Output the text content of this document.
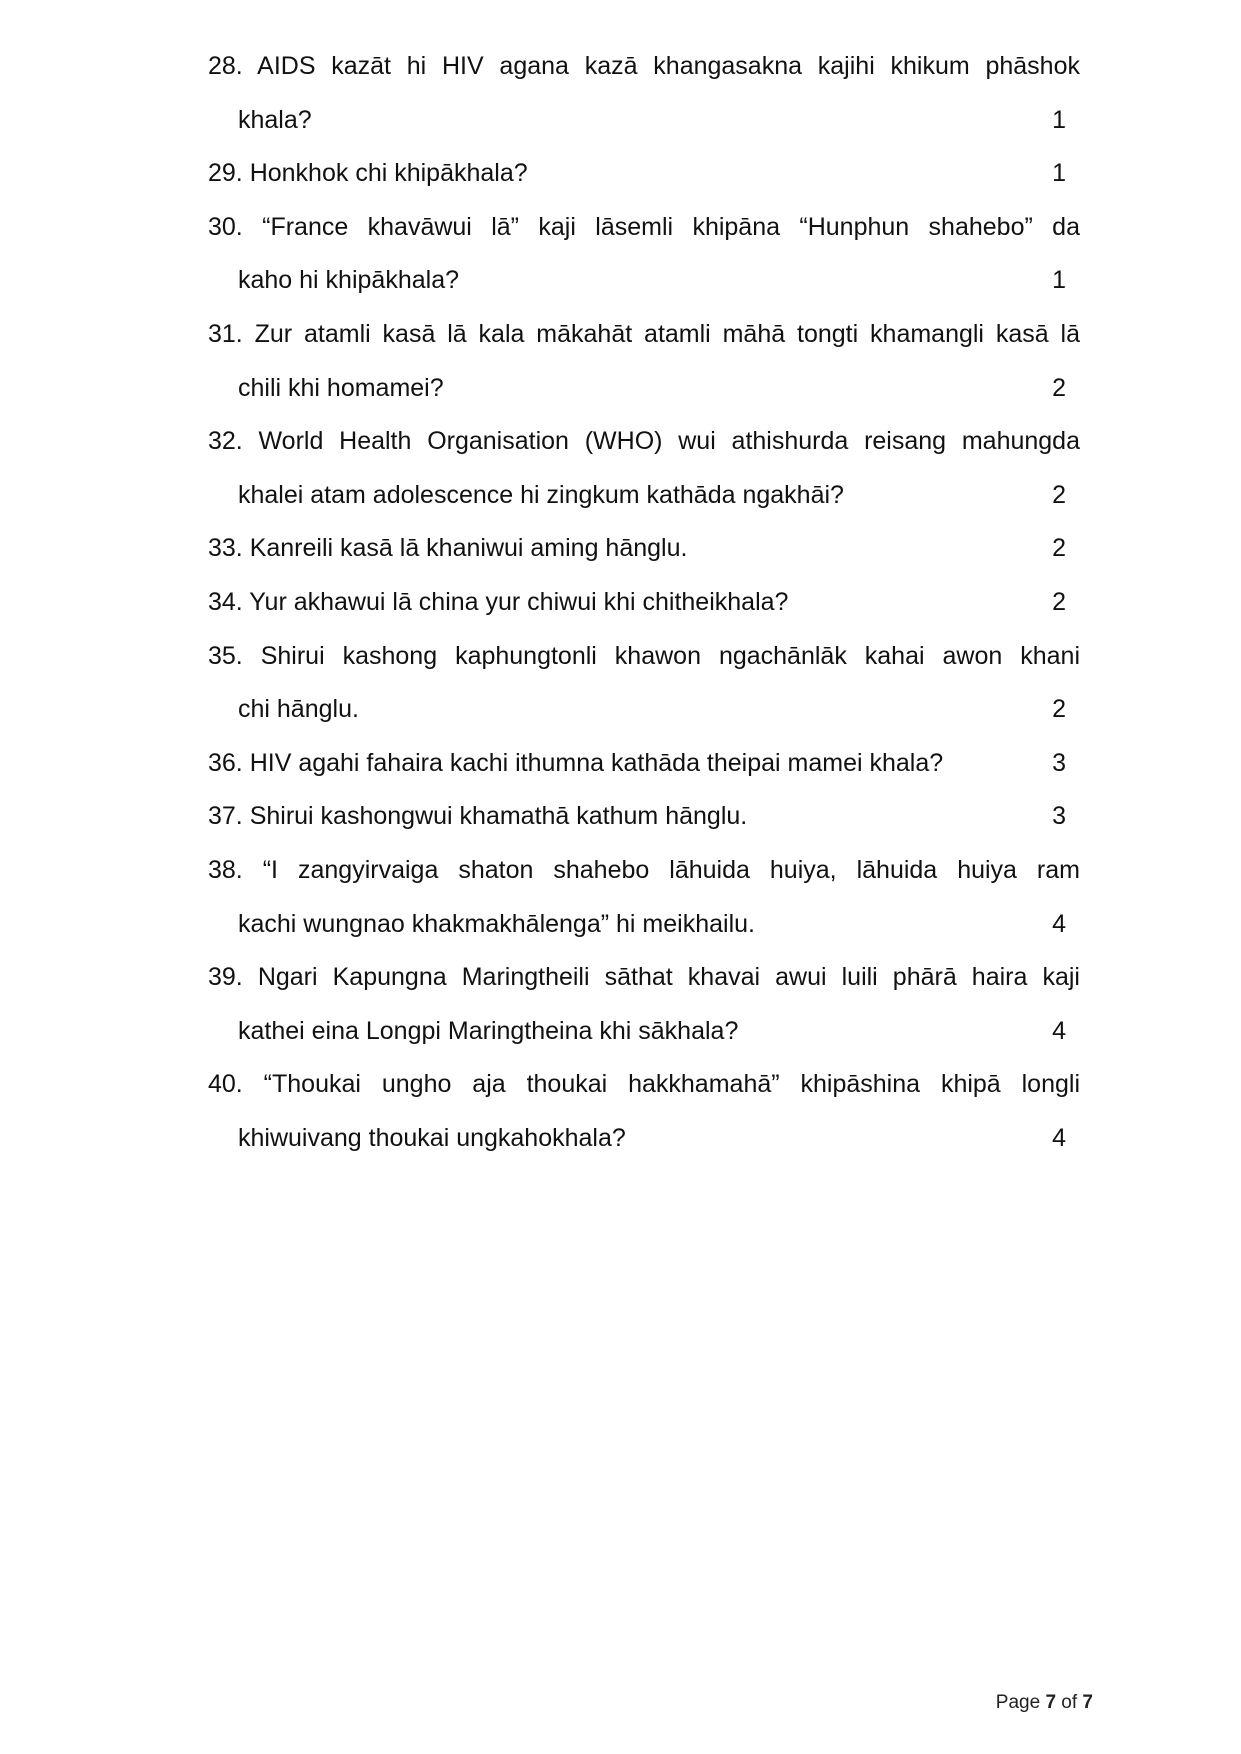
28. AIDS kazāt hi HIV agana kazā khangasakna kajihi khikum phāshok
khala?	1
29. Honkhok chi khipākhala?	1
30. “France khavāwui lā” kaji lāsemli khipāna “Hunphun shahebo” da
kaho hi khipākhala?	1
31. Zur atamli kasā lā kala mākahāt atamli māhā tongti khamangli kasā lā
chili khi homamei?	2
32. World Health Organisation (WHO) wui athishurda reisang mahungda
khalei atam adolescence hi zingkum kathāda ngakhāi?	2
33. Kanreili kasā lā khaniwui aming hānglu.	2
34. Yur akhawui lā china yur chiwui khi chitheikhala?	2
35. Shirui kashong kaphungtonli khawon ngachānlāk kahai awon khani
chi hānglu.	2
36. HIV agahi fahaira kachi ithumna kathāda theipai mamei khala?	3
37. Shirui kashongwui khamathā kathum hānglu.	3
38. “I zangyirvaiga shaton shahebo lāhuida huiya, lāhuida huiya ram
kachi wungnao khakmakhālenga” hi meikhailu.	4
39. Ngari Kapungna Maringtheili sāthat khavai awui luili phārā haira kaji
kathei eina Longpi Maringtheina khi sākhala?	4
40. “Thoukai ungho aja thoukai hakkhamahā” khipāshina khipā longli
khiwuivang thoukai ungkahokhala?	4
Page 7 of 7
